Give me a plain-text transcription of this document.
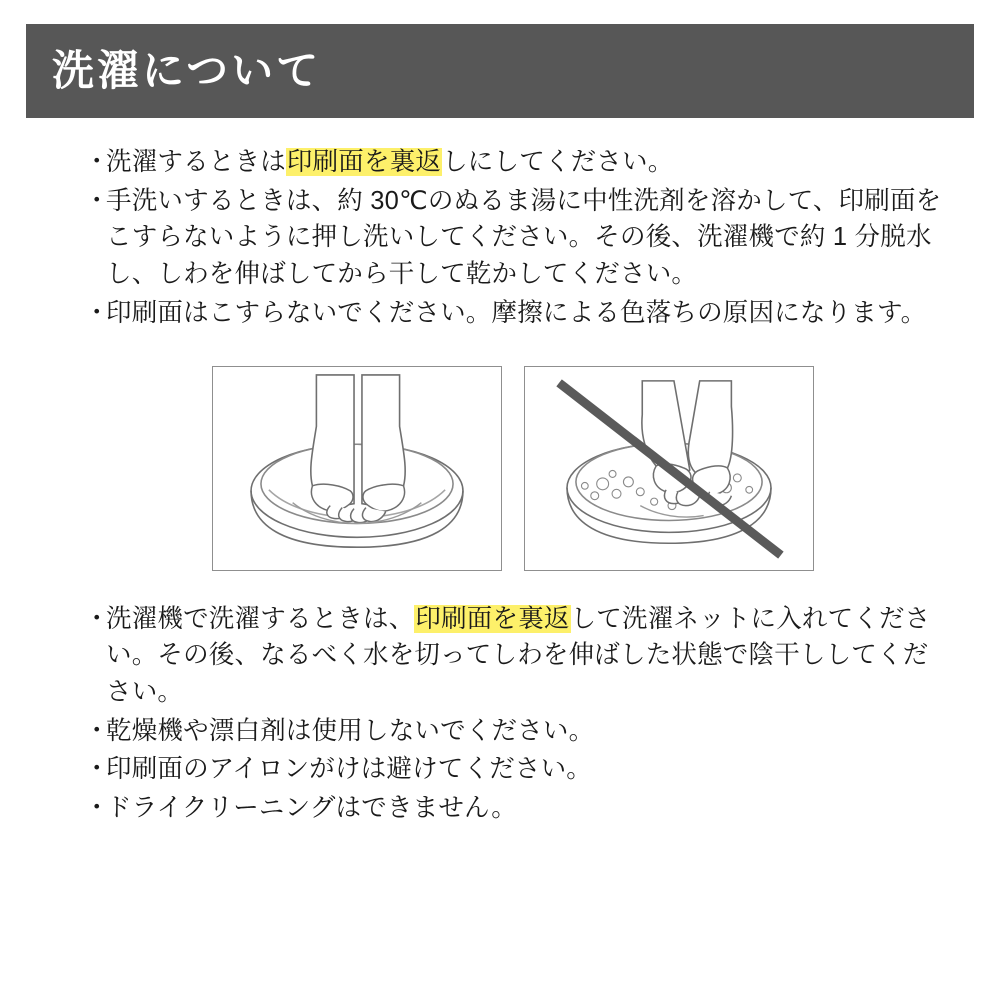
洗濯について
・
洗濯するときは印刷面を裏返しにしてください。
・
手洗いするときは、約 30℃のぬるま湯に中性洗剤を溶かして、印刷面をこすらないように押し洗いしてください。その後、洗濯機で約 1 分脱水し、しわを伸ばしてから干して乾かしてください。
・
印刷面はこすらないでください。摩擦による色落ちの原因になります。
・
洗濯機で洗濯するときは、印刷面を裏返して洗濯ネットに入れてください。その後、なるべく水を切ってしわを伸ばした状態で陰干ししてください。
・
乾燥機や漂白剤は使用しないでください。
・
印刷面のアイロンがけは避けてください。
・
ドライクリーニングはできません。
